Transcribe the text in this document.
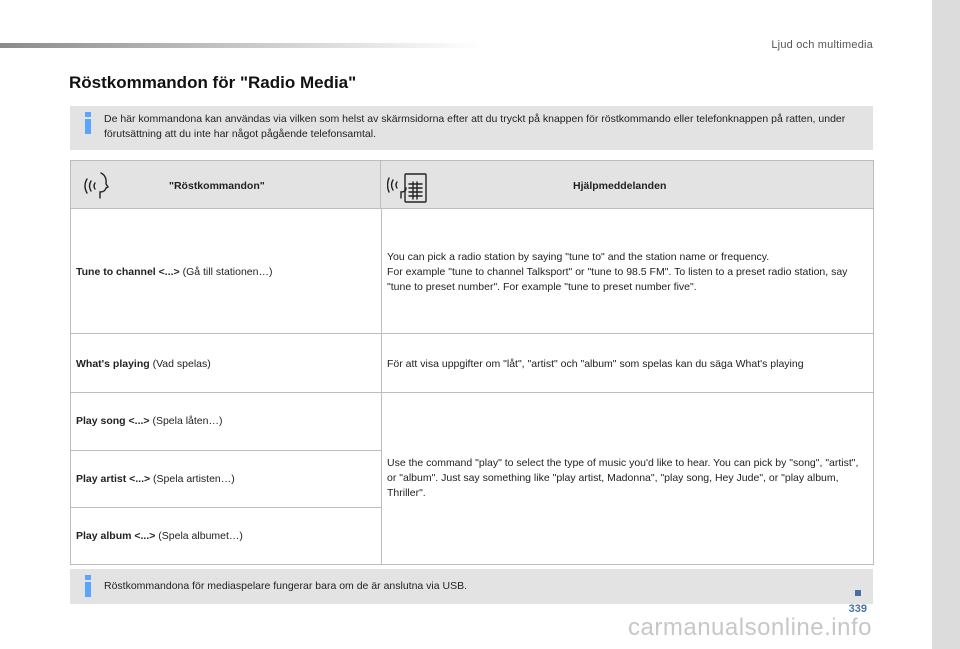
Ljud och multimedia
Röstkommandon för "Radio Media"
De här kommandona kan användas via vilken som helst av skärmsidorna efter att du tryckt på knappen för röstkommando eller telefonknappen på ratten, under förutsättning att du inte har något pågående telefonsamtal.
"Röstkommandon"	Hjälpmeddelanden
Tune to channel <...> (Gå till stationen…)
You can pick a radio station by saying "tune to" and the station name or frequency.
For example "tune to channel Talksport" or "tune to 98.5 FM". To listen to a preset radio station, say "tune to preset number". For example "tune to preset number five".
What's playing (Vad spelas)	För att visa uppgifter om "låt", "artist" och "album" som spelas kan du säga What's playing
Play song <...> (Spela låten…)
Play artist <...> (Spela artisten…)
Play album <...> (Spela albumet…)
Use the command "play" to select the type of music you'd like to hear. You can pick by "song", "artist", or "album". Just say something like "play artist, Madonna", "play song, Hey Jude", or "play album, Thriller".
Röstkommandona för mediaspelare fungerar bara om de är anslutna via USB.
339
carmanualsonline.info
